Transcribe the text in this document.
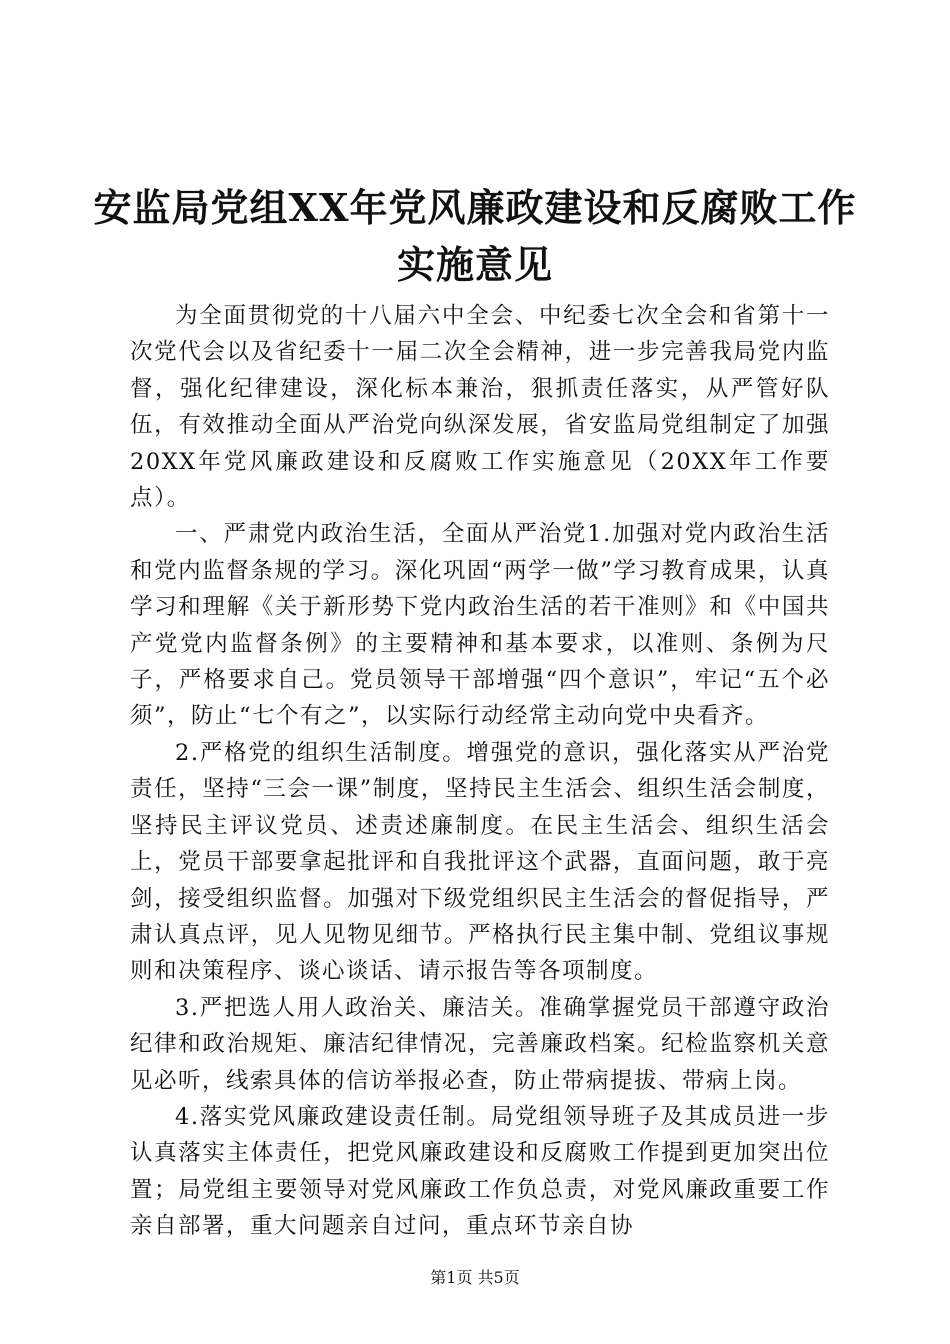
安监局党组XX年党风廉政建设和反腐败工作
实施意见

为全面贯彻党的十八届六中全会、中纪委七次全会和省第十一次党代会以及省纪委十一届二次全会精神，进一步完善我局党内监督，强化纪律建设，深化标本兼治，狠抓责任落实，从严管好队伍，有效推动全面从严治党向纵深发展，省安监局党组制定了加强20XX年党风廉政建设和反腐败工作实施意见（20XX年工作要点）。

一、严肃党内政治生活，全面从严治党1.加强对党内政治生活和党内监督条规的学习。深化巩固“两学一做”学习教育成果，认真学习和理解《关于新形势下党内政治生活的若干准则》和《中国共产党党内监督条例》的主要精神和基本要求，以准则、条例为尺子，严格要求自己。党员领导干部增强“四个意识”，牢记“五个必须”，防止“七个有之”，以实际行动经常主动向党中央看齐。

2.严格党的组织生活制度。增强党的意识，强化落实从严治党责任，坚持“三会一课”制度，坚持民主生活会、组织生活会制度，坚持民主评议党员、述责述廉制度。在民主生活会、组织生活会上，党员干部要拿起批评和自我批评这个武器，直面问题，敢于亮剑，接受组织监督。加强对下级党组织民主生活会的督促指导，严肃认真点评，见人见物见细节。严格执行民主集中制、党组议事规则和决策程序、谈心谈话、请示报告等各项制度。

3.严把选人用人政治关、廉洁关。准确掌握党员干部遵守政治纪律和政治规矩、廉洁纪律情况，完善廉政档案。纪检监察机关意见必听，线索具体的信访举报必查，防止带病提拔、带病上岗。

4.落实党风廉政建设责任制。局党组领导班子及其成员进一步认真落实主体责任，把党风廉政建设和反腐败工作提到更加突出位置；局党组主要领导对党风廉政工作负总责，对党风廉政重要工作亲自部署，重大问题亲自过问，重点环节亲自协

第1页 共5页
